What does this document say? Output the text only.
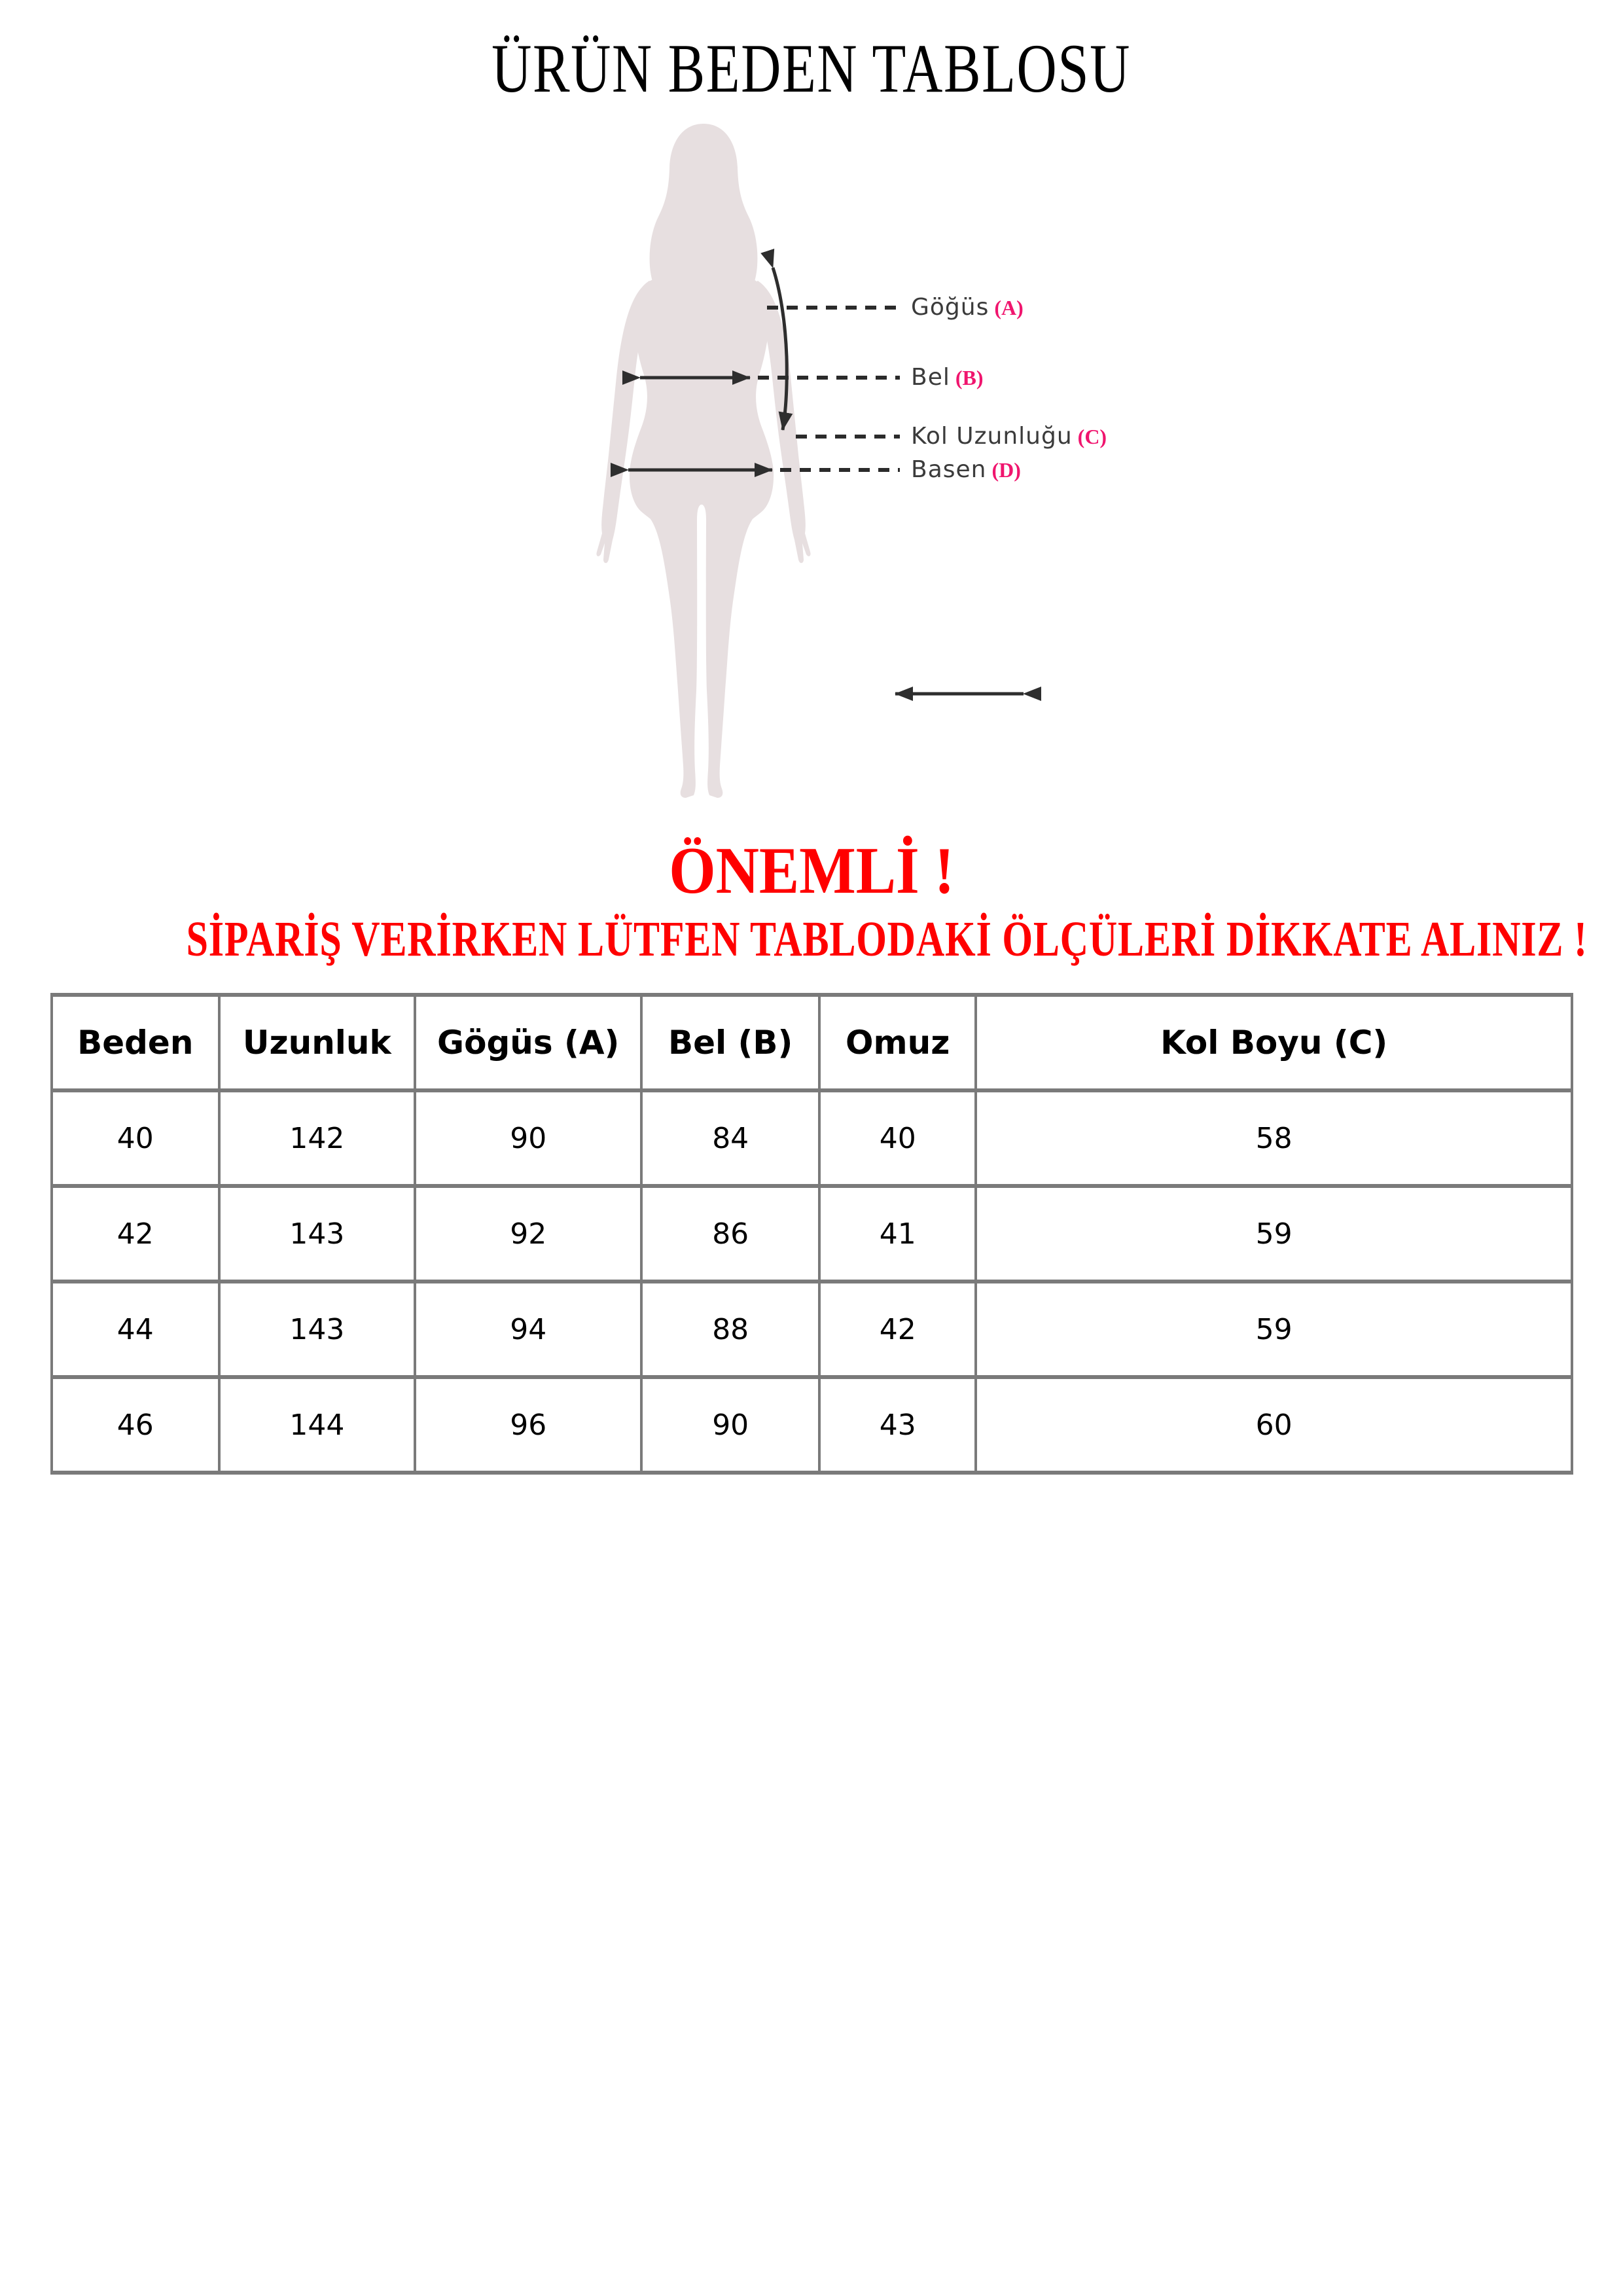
ÜRÜN BEDEN TABLOSU
Göğüs (A)
Bel (B)
Kol Uzunluğu (C)
Basen (D)
ÖNEMLİ !
SİPARİŞ VERİRKEN LÜTFEN TABLODAKİ ÖLÇÜLERİ DİKKATE ALINIZ !
Beden	Uzunluk	Gögüs (A)	Bel (B)	Omuz	Kol Boyu (C)
40	142	90	84	40	58
42	143	92	86	41	59
44	143	94	88	42	59
46	144	96	90	43	60
